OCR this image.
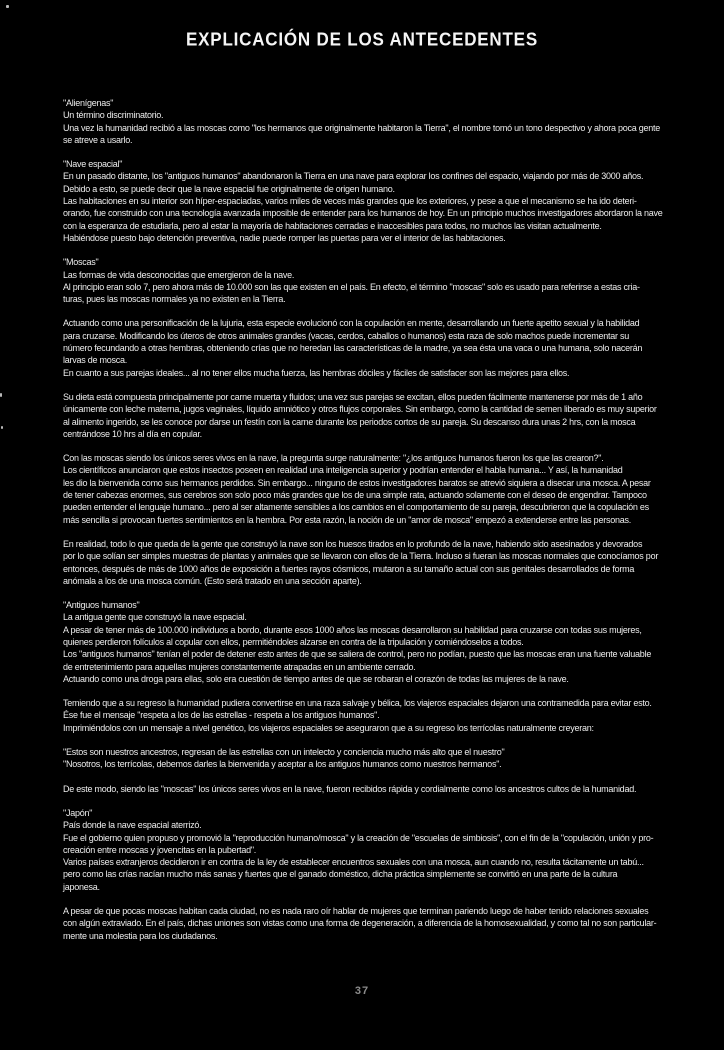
EXPLICACIÓN DE LOS ANTECEDENTES
"Alienígenas"
Un término discriminatorio.
Una vez la humanidad recibió a las moscas como "los hermanos que originalmente habitaron la Tierra", el nombre tomó un tono despectivo y ahora poca gente
se atreve a usarlo.
"Nave espacial"
En un pasado distante, los "antiguos humanos" abandonaron la Tierra en una nave para explorar los confines del espacio, viajando por más de 3000 años.
Debido a esto, se puede decir que la nave espacial fue originalmente de origen humano.
Las habitaciones en su interior son híper-espaciadas, varios miles de veces más grandes que los exteriores, y pese a que el mecanismo se ha ido deteri-
orando, fue construido con una tecnología avanzada imposible de entender para los humanos de hoy. En un principio muchos investigadores abordaron la nave
con la esperanza de estudiarla, pero al estar la mayoría de habitaciones cerradas e inaccesibles para todos, no muchos las visitan actualmente.
Habiéndose puesto bajo detención preventiva, nadie puede romper las puertas para ver el interior de las habitaciones.
"Moscas"
Las formas de vida desconocidas que emergieron de la nave.
Al principio eran solo 7, pero ahora más de 10.000 son las que existen en el país. En efecto, el término "moscas" solo es usado para referirse a estas cria-
turas, pues las moscas normales ya no existen en la Tierra.
Actuando como una personificación de la lujuria, esta especie evolucionó con la copulación en mente, desarrollando un fuerte apetito sexual y la habilidad
para cruzarse. Modificando los úteros de otros animales grandes (vacas, cerdos, caballos o humanos) esta raza de solo machos puede incrementar su
número fecundando a otras hembras, obteniendo crías que no heredan las características de la madre, ya sea ésta una vaca o una humana, solo nacerán
larvas de mosca.
En cuanto a sus parejas ideales... al no tener ellos mucha fuerza, las hembras dóciles y fáciles de satisfacer son las mejores para ellos.
Su dieta está compuesta principalmente por carne muerta y fluidos; una vez sus parejas se excitan, ellos pueden fácilmente mantenerse por más de 1 año
únicamente con leche materna, jugos vaginales, líquido amniótico y otros flujos corporales. Sin embargo, como la cantidad de semen liberado es muy superior
al alimento ingerido, se les conoce por darse un festín con la carne durante los periodos cortos de su pareja. Su descanso dura unas 2 hrs, con la mosca
centrándose 10 hrs al día en copular.
Con las moscas siendo los únicos seres vivos en la nave, la pregunta surge naturalmente: "¿los antiguos humanos fueron los que las crearon?".
Los científicos anunciaron que estos insectos poseen en realidad una inteligencia superior y podrían entender el habla humana... Y así, la humanidad
les dio la bienvenida como sus hermanos perdidos. Sin embargo... ninguno de estos investigadores baratos se atrevió siquiera a disecar una mosca. A pesar
de tener cabezas enormes, sus cerebros son solo poco más grandes que los de una simple rata, actuando solamente con el deseo de engendrar. Tampoco
pueden entender el lenguaje humano... pero al ser altamente sensibles a los cambios en el comportamiento de su pareja, descubrieron que la copulación es
más sencilla si provocan fuertes sentimientos en la hembra. Por esta razón, la noción de un "amor de mosca" empezó a extenderse entre las personas.
En realidad, todo lo que queda de la gente que construyó la nave son los huesos tirados en lo profundo de la nave, habiendo sido asesinados y devorados
por lo que solían ser simples muestras de plantas y animales que se llevaron con ellos de la Tierra. Incluso si fueran las moscas normales que conocíamos por
entonces, después de más de 1000 años de exposición a fuertes rayos cósmicos, mutaron a su tamaño actual con sus genitales desarrollados de forma
anómala a los de una mosca común. (Esto será tratado en una sección aparte).
"Antiguos humanos"
La antigua gente que construyó la nave espacial.
A pesar de tener más de 100.000 individuos a bordo, durante esos 1000 años las moscas desarrollaron su habilidad para cruzarse con todas sus mujeres,
quienes perdieron folículos al copular con ellos, permitiéndoles alzarse en contra de la tripulación y comiéndoselos a todos.
Los "antiguos humanos" tenían el poder de detener esto antes de que se saliera de control, pero no podían, puesto que las moscas eran una fuente valuable
de entretenimiento para aquellas mujeres constantemente atrapadas en un ambiente cerrado.
Actuando como una droga para ellas, solo era cuestión de tiempo antes de que se robaran el corazón de todas las mujeres de la nave.
Temiendo que a su regreso la humanidad pudiera convertirse en una raza salvaje y bélica, los viajeros espaciales dejaron una contramedida para evitar esto.
Ése fue el mensaje "respeta a los de las estrellas - respeta a los antiguos humanos".
Imprimiéndolos con un mensaje a nivel genético, los viajeros espaciales se aseguraron que a su regreso los terrícolas naturalmente creyeran:
"Estos son nuestros ancestros, regresan de las estrellas con un intelecto y conciencia mucho más alto que el nuestro"
"Nosotros, los terrícolas, debemos darles la bienvenida y aceptar a los antiguos humanos como nuestros hermanos".
De este modo, siendo las "moscas" los únicos seres vivos en la nave, fueron recibidos rápida y cordialmente como los ancestros cultos de la humanidad.
"Japón"
País donde la nave espacial aterrizó.
Fue el gobierno quien propuso y promovió la "reproducción humano/mosca" y la creación de "escuelas de simbiosis", con el fin de la "copulación, unión y pro-
creación entre moscas y jovencitas en la pubertad".
Varios países extranjeros decidieron ir en contra de la ley de establecer encuentros sexuales con una mosca, aun cuando no, resulta tácitamente un tabú...
pero como las crías nacían mucho más sanas y fuertes que el ganado doméstico, dicha práctica simplemente se convirtió en una parte de la cultura
japonesa.
A pesar de que pocas moscas habitan cada ciudad, no es nada raro oír hablar de mujeres que terminan pariendo luego de haber tenido relaciones sexuales
con algún extraviado. En el país, dichas uniones son vistas como una forma de degeneración, a diferencia de la homosexualidad, y como tal no son particular-
mente una molestia para los ciudadanos.
37
